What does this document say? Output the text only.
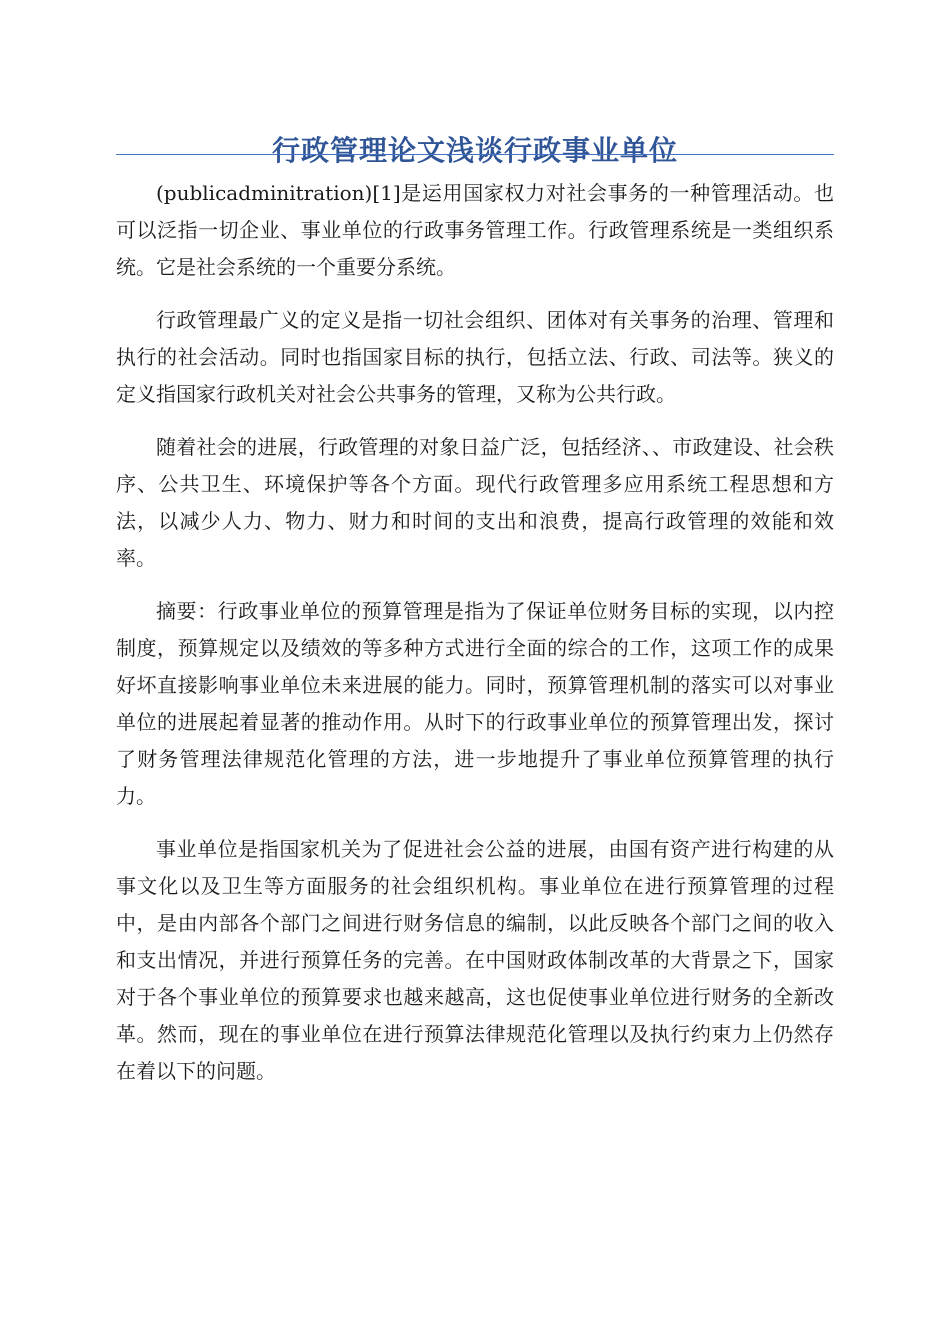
行政管理论文浅谈行政事业单位

(publicadminitration)[1]是运用国家权力对社会事务的一种管理活动。也可以泛指一切企业、事业单位的行政事务管理工作。行政管理系统是一类组织系统。它是社会系统的一个重要分系统。

行政管理最广义的定义是指一切社会组织、团体对有关事务的治理、管理和执行的社会活动。同时也指国家目标的执行，包括立法、行政、司法等。狭义的定义指国家行政机关对社会公共事务的管理，又称为公共行政。

随着社会的进展，行政管理的对象日益广泛，包括经济、、市政建设、社会秩序、公共卫生、环境保护等各个方面。现代行政管理多应用系统工程思想和方法，以减少人力、物力、财力和时间的支出和浪费，提高行政管理的效能和效率。

摘要：行政事业单位的预算管理是指为了保证单位财务目标的实现，以内控制度，预算规定以及绩效的等多种方式进行全面的综合的工作，这项工作的成果好坏直接影响事业单位未来进展的能力。同时，预算管理机制的落实可以对事业单位的进展起着显著的推动作用。从时下的行政事业单位的预算管理出发，探讨了财务管理法律规范化管理的方法，进一步地提升了事业单位预算管理的执行力。

事业单位是指国家机关为了促进社会公益的进展，由国有资产进行构建的从事文化以及卫生等方面服务的社会组织机构。事业单位在进行预算管理的过程中，是由内部各个部门之间进行财务信息的编制，以此反映各个部门之间的收入和支出情况，并进行预算任务的完善。在中国财政体制改革的大背景之下，国家对于各个事业单位的预算要求也越来越高，这也促使事业单位进行财务的全新改革。然而，现在的事业单位在进行预算法律规范化管理以及执行约束力上仍然存在着以下的问题。
